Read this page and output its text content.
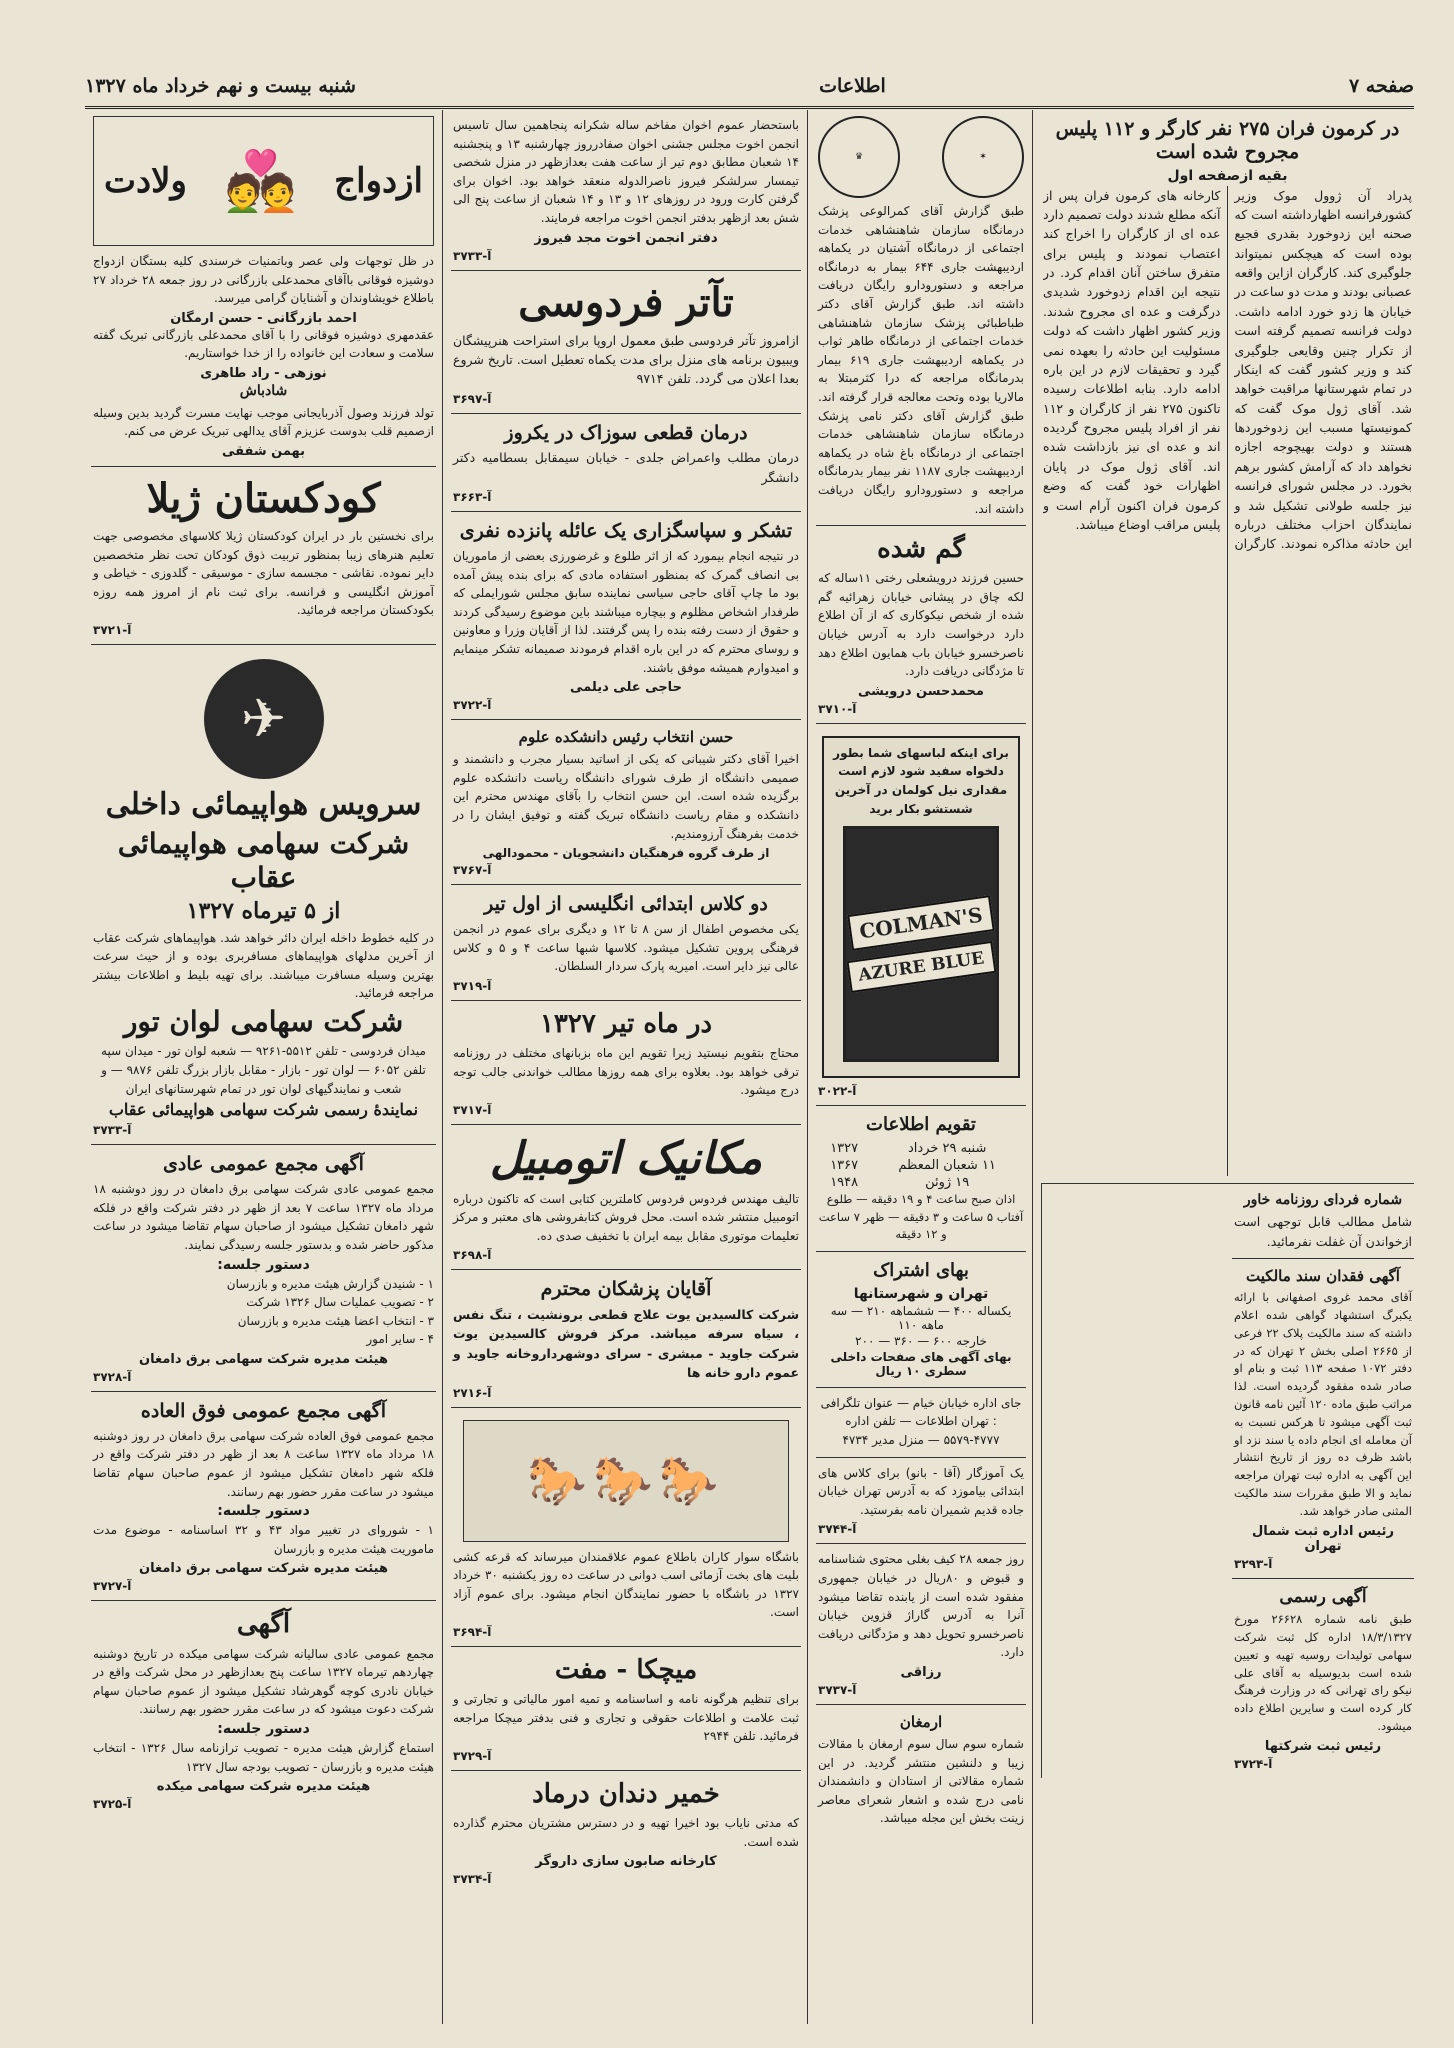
صفحه ۷
اطلاعات
شنبه بیست و نهم خرداد ماه ۱۳۲۷
در کرمون فران ۲۷۵ نفر کارگر و ۱۱۲ پلیس مجروح شده است
بقیه ازصفحه اول

پدراد آن ژوول موک وزیر کشورفرانسه اظهارداشته است که صحنه این زدوخورد بقدری فجیع بوده است که هیچکس نمیتواند جلوگیری کند. کارگران ازاین واقعه عصبانی بودند و مدت دو ساعت در خیابان ها زدو خورد ادامه داشت. دولت فرانسه تصمیم گرفته است از تکرار چنین وقایعی جلوگیری کند و وزیر کشور گفت که اینکار در تمام شهرستانها مراقبت خواهد شد. آقای ژول موک گفت که کمونیستها مسبب این زدوخوردها هستند و دولت بهیچوجه اجازه نخواهد داد که آرامش کشور برهم بخورد. در مجلس شورای فرانسه نیز جلسه طولانی تشکیل شد و نمایندگان احزاب مختلف درباره این حادثه مذاکره نمودند. کارگران کارخانه های کرمون فران پس از آنکه مطلع شدند دولت تصمیم دارد عده ای از کارگران را اخراج کند اعتصاب نمودند و پلیس برای متفرق ساختن آنان اقدام کرد. در نتیجه این اقدام زدوخورد شدیدی درگرفت و عده ای مجروح شدند. وزیر کشور اظهار داشت که دولت مسئولیت این حادثه را بعهده نمی گیرد و تحقیقات لازم در این باره ادامه دارد. بنابه اطلاعات رسیده تاکنون ۲۷۵ نفر از کارگران و ۱۱۲ نفر از افراد پلیس مجروح گردیده اند و عده ای نیز بازداشت شده اند. آقای ژول موک در پایان اظهارات خود گفت که وضع کرمون فران اکنون آرام است و پلیس مراقب اوضاع میباشد.

شماره فردای روزنامه خاور

شامل مطالب قابل توجهی است ازخواندن آن غفلت نفرمائید.

آگهی فقدان سند مالکیت

آقای محمد غروی اصفهانی با ارائه یکبرگ استشهاد گواهی شده اعلام داشته که سند مالکیت پلاک ۲۲ فرعی از ۲۶۶۵ اصلی بخش ۲ تهران که در دفتر ۱۰۷۲ صفحه ۱۱۳ ثبت و بنام او صادر شده مفقود گردیده است. لذا مراتب طبق ماده ۱۲۰ آئین نامه قانون ثبت آگهی میشود تا هرکس نسبت به آن معامله ای انجام داده یا سند نزد او باشد ظرف ده روز از تاریخ انتشار این آگهی به اداره ثبت تهران مراجعه نماید و الا طبق مقررات سند مالکیت المثنی صادر خواهد شد.

رئیس اداره ثبت شمال تهران
آ-۳۲۹۳
آگهی رسمی

طبق نامه شماره ۲۶۶۲۸ مورخ ۱۸/۳/۱۳۲۷ اداره کل ثبت شرکت سهامی تولیدات روسیه تهیه و تعیین شده است بدیوسیله به آقای علی نیکو رای تهرانی که در وزارت فرهنگ کار کرده است و سایرین اطلاع داده میشود.

رئیس ثبت شرکتها
آ-۳۷۲۴
✶
♛

طبق گزارش آقای کمرالوعی پزشک درمانگاه سازمان شاهنشاهی خدمات اجتماعی از درمانگاه آشتیان در یکماهه اردیبهشت جاری ۶۴۴ بیمار به درمانگاه مراجعه و دستورودارو رایگان دریافت داشته اند. طبق گزارش آقای دکتر طباطبائی پزشک سازمان شاهنشاهی خدمات اجتماعی از درمانگاه طاهر ثواب در یکماهه اردیبهشت جاری ۶۱۹ بیمار بدرمانگاه مراجعه که درا کثرمبتلا به مالاریا بوده وتحت معالجه قرار گرفته اند. طبق گزارش آقای دکتر نامی پزشک درمانگاه سازمان شاهنشاهی خدمات اجتماعی از درمانگاه باغ شاه در یکماهه اردیبهشت جاری ۱۱۸۷ نفر بیمار بدرمانگاه مراجعه و دستورودارو رایگان دریافت داشته اند.

گم شده

حسین فرزند درویشعلی رختی ۱۱ساله که لکه چاق در پیشانی خیابان زهرائیه گم شده از شخص نیکوکاری که از آن اطلاع دارد درخواست دارد به آدرس خیابان ناصرخسرو خیابان باب همایون اطلاع دهد تا مژدگانی دریافت دارد.

محمدحسن درویشی
آ-۳۷۱۰

برای اینکه لباسهای شما بطور دلخواه سفید شود لازم است مقداری نیل کولمان در آخرین شستشو بکار برید

COLMAN'S
AZURE BLUE
آ-۳۰۲۲
تقویم اطلاعات
شنبه ۲۹ خرداد	۱۳۲۷
۱۱ شعبان المعظم	۱۳۶۷
۱۹ ژوئن	۱۹۴۸

اذان صبح ساعت ۴ و ۱۹ دقیقه — طلوع آفتاب ۵ ساعت و ۳ دقیقه — ظهر ۷ ساعت و ۱۲ دقیقه

بهای اشتراک
تهران و شهرستانها
یکساله ۴۰۰ — ششماهه ۲۱۰ — سه ماهه ۱۱۰
خارجه ۶۰۰ — ۳۶۰ — ۲۰۰
بهای آگهی های صفحات داخلی سطری ۱۰ ریال

جای اداره خیابان خیام — عنوان تلگرافی : تهران اطلاعات — تلفن اداره ۴۷۷۷-۵۵۷۹ — منزل مدیر ۴۷۳۴

یک آموزگار (آقا - بانو) برای کلاس های ابتدائی بیاموزد که به آدرس تهران خیابان جاده قدیم شمیران نامه بفرستید.

آ-۳۷۴۴

روز جمعه ۲۸ کیف بغلی محتوی شناسنامه و قبوض و ۸۰ریال در خیابان جمهوری مفقود شده است از یابنده تقاضا میشود آنرا به آدرس گاراژ قزوین خیابان ناصرخسرو تحویل دهد و مژدگانی دریافت دارد.

رزاقی
آ-۳۷۳۷
ارمغان

شماره سوم سال سوم ارمغان با مقالات زیبا و دلنشین منتشر گردید. در این شماره مقالاتی از استادان و دانشمندان نامی درج شده و اشعار شعرای معاصر زینت بخش این مجله میباشد.

باستحضار عموم اخوان مفاخم ساله شکرانه پنجاهمین سال تاسیس انجمن اخوت مجلس جشنی اخوان صفادرروز چهارشنبه ۱۳ و پنجشنبه ۱۴ شعبان مطابق دوم تیر از ساعت هفت بعدازظهر در منزل شخصی تیمسار سرلشکر فیروز ناصرالدوله منعقد خواهد بود. اخوان برای گرفتن کارت ورود در روزهای ۱۲ و ۱۳ و ۱۴ شعبان از ساعت پنج الی شش بعد ازظهر بدفتر انجمن اخوت مراجعه فرمایند.

دفتر انجمن اخوت مجد فیروز
آ-۳۷۳۳
تآتر فردوسی

ازامروز تآتر فردوسی طبق معمول اروپا برای استراحت هنرپیشگان ویبیون برنامه های منزل برای مدت یکماه تعطیل است. تاریخ شروع بعدا اعلان می گردد. تلفن ۹۷۱۴

آ-۳۶۹۷
درمان قطعی سوزاک در یکروز

درمان مطلب واعمراض جلدی - خیابان سیمقابل بسطامیه دکتر دانشگر

آ-۳۶۶۳
تشکر و سپاسگزاری یک عائله پانزده نفری

در نتیجه انجام بیمورد که از اثر طلوع و غرضورزی بعضی از ماموریان بی انصاف گمرک که بمنظور استفاده مادی که برای بنده پیش آمده بود ما چاپ آقای حاجی سیاسی نماینده سابق مجلس شورایملی که طرفدار اشخاص مظلوم و بیچاره میباشند باین موضوع رسیدگی کردند و حقوق از دست رفته بنده را پس گرفتند. لذا از آقایان وزرا و معاونین و روسای محترم که در این باره اقدام فرمودند صمیمانه تشکر مینمایم و امیدوارم همیشه موفق باشند.

حاجی علی دیلمی
آ-۳۷۲۲
حسن انتخاب رئیس دانشکده علوم

اخیرا آقای دکتر شیبانی که یکی از اساتید بسیار مجرب و دانشمند و صمیمی دانشگاه از طرف شورای دانشگاه ریاست دانشکده علوم برگزیده شده است. این حسن انتخاب را بآقای مهندس محترم این دانشکده و مقام ریاست دانشگاه تبریک گفته و توفیق ایشان را در خدمت بفرهنگ آرزومندیم.

از طرف گروه فرهنگیان دانشجویان - محمودالهی
آ-۳۷۶۷
دو کلاس ابتدائی انگلیسی از اول تیر

یکی مخصوص اطفال از سن ۸ تا ۱۲ و دیگری برای عموم در انجمن فرهنگی پروین تشکیل میشود. کلاسها شبها ساعت ۴ و ۵ و کلاس عالی نیز دایر است. امیریه پارک سردار السلطان.

آ-۳۷۱۹
در ماه تیر ۱۳۲۷

محتاج بتقویم نیستید زیرا تقویم این ماه بزبانهای مختلف در روزنامه ترقی خواهد بود. بعلاوه برای همه روزها مطالب خواندنی جالب توجه درج میشود.

آ-۳۷۱۷
مکانیک اتومبیل

تالیف مهندس فردوس فردوس کاملترین کتابی است که تاکنون درباره اتومبیل منتشر شده است. محل فروش کتابفروشی های معتبر و مرکز تعلیمات موتوری مقابل بیمه ایران با تخفیف صدی ده.

آ-۳۶۹۸
آقایان پزشکان محترم

شرکت کالسیدین یوت علاج قطعی برونشیت ، تنگ نفس ، سیاه سرفه میباشد. مرکز فروش کالسیدین یوت شرکت جاوید - مبشری - سرای دوشهرداروخانه جاوید و عموم دارو خانه ها

آ-۲۷۱۶
🐎🐎🐎

باشگاه سوار کاران باطلاع عموم علاقمندان میرساند که قرعه کشی بلیت های بخت آزمائی اسب دوانی در ساعت ده روز یکشنبه ۳۰ خرداد ۱۳۲۷ در باشگاه با حضور نمایندگان انجام میشود. برای عموم آزاد است.

آ-۳۶۹۴
میچکا - مفت

برای تنظیم هرگونه نامه و اساسنامه و تمیه امور مالیاتی و تجارتی و ثبت علامت و اطلاعات حقوقی و تجاری و فنی بدفتر میچکا مراجعه فرمائید. تلفن ۲۹۴۴

آ-۳۷۲۹
خمیر دندان درماد

که مدتی نایاب بود اخیرا تهیه و در دسترس مشتریان محترم گذارده شده است.

کارخانه صابون سازی داروگر
آ-۳۷۳۴
ازدواج
💑
ولادت

در ظل توجهات ولی عصر وباتمنیات خرسندی کلیه بستگان ازدواج دوشیزه فوقانی باآقای محمدعلی بازرگانی در روز جمعه ۲۸ خرداد ۲۷ باطلاع خویشاوندان و آشنایان گرامی میرسد.

احمد بازرگانی - حسن ارمگان

عقدمهری دوشیزه فوقانی را با آقای محمدعلی بازرگانی تبریک گفته سلامت و سعادت این خانواده را از خدا خواستاریم.

نوزهی - راد طاهری
شادباش

تولد فرزند وصول آذربایجانی موجب نهایت مسرت گردید بدین وسیله ازصمیم قلب بدوست عزیزم آقای یدالهی تبریک عرض می کنم.

بهمن شفقی
کودکستان ژیلا

برای نخستین بار در ایران کودکستان ژیلا کلاسهای مخصوصی جهت تعلیم هنرهای زیبا بمنظور تربیت ذوق کودکان تحت نظر متخصصین دایر نموده. نقاشی - مجسمه سازی - موسیقی - گلدوزی - خیاطی و آموزش انگلیسی و فرانسه. برای ثبت نام از امروز همه روزه بکودکستان مراجعه فرمائید.

آ-۳۷۲۱
✈
سرویس هواپیمائی داخلی
شرکت سهامی هواپیمائی عقاب
از ۵ تیرماه ۱۳۲۷

در کلیه خطوط داخله ایران دائر خواهد شد. هواپیماهای شرکت عقاب از آخرین مدلهای هواپیماهای مسافربری بوده و از حیث سرعت بهترین وسیله مسافرت میباشند. برای تهیه بلیط و اطلاعات بیشتر مراجعه فرمائید.

شرکت سهامی لوان تور

میدان فردوسی - تلفن ۵۵۱۲-۹۲۶۱ — شعبه لوان تور - میدان سپه تلفن ۶۰۵۲ — لوان تور - بازار - مقابل بازار بزرگ تلفن ۹۸۷۶ — و شعب و نمایندگیهای لوان تور در تمام شهرستانهای ایران

نمایندهٔ رسمی شرکت سهامی هواپیمائی عقاب
آ-۳۷۳۳
آگهی مجمع عمومی عادی

مجمع عمومی عادی شرکت سهامی برق دامغان در روز دوشنبه ۱۸ مرداد ماه ۱۳۲۷ ساعت ۷ بعد از ظهر در دفتر شرکت واقع در فلکه شهر دامغان تشکیل میشود از صاحبان سهام تقاضا میشود در ساعت مذکور حاضر شده و بدستور جلسه رسیدگی نمایند.

دستور جلسه:
۱ - شنیدن گزارش هیئت مدیره و بازرسان
۲ - تصویب عملیات سال ۱۳۲۶ شرکت
۳ - انتخاب اعضا هیئت مدیره و بازرسان
۴ - سایر امور
هیئت مدیره شرکت سهامی برق دامغان
آ-۳۷۲۸
آگهی مجمع عمومی فوق العاده

مجمع عمومی فوق العاده شرکت سهامی برق دامغان در روز دوشنبه ۱۸ مرداد ماه ۱۳۲۷ ساعت ۸ بعد از ظهر در دفتر شرکت واقع در فلکه شهر دامغان تشکیل میشود از عموم صاحبان سهام تقاضا میشود در ساعت مقرر حضور بهم رسانند.

دستور جلسه:
۱ - شوروای در تغییر مواد ۴۳ و ۳۲ اساسنامه - موضوع مدت ماموریت هیئت مدیره و بازرسان
هیئت مدیره شرکت سهامی برق دامغان
آ-۳۷۲۷
آگهی

مجمع عمومی عادی سالیانه شرکت سهامی میکده در تاریخ دوشنبه چهاردهم تیرماه ۱۳۲۷ ساعت پنج بعدازظهر در محل شرکت واقع در خیابان نادری کوچه گوهرشاد تشکیل میشود از عموم صاحبان سهام شرکت دعوت میشود که در ساعت مقرر حضور بهم رسانند.

دستور جلسه:
استماع گزارش هیئت مدیره - تصویب ترازنامه سال ۱۳۲۶ - انتخاب هیئت مدیره و بازرسان - تصویب بودجه سال ۱۳۲۷
هیئت مدیره شرکت سهامی میکده
آ-۳۷۲۵
